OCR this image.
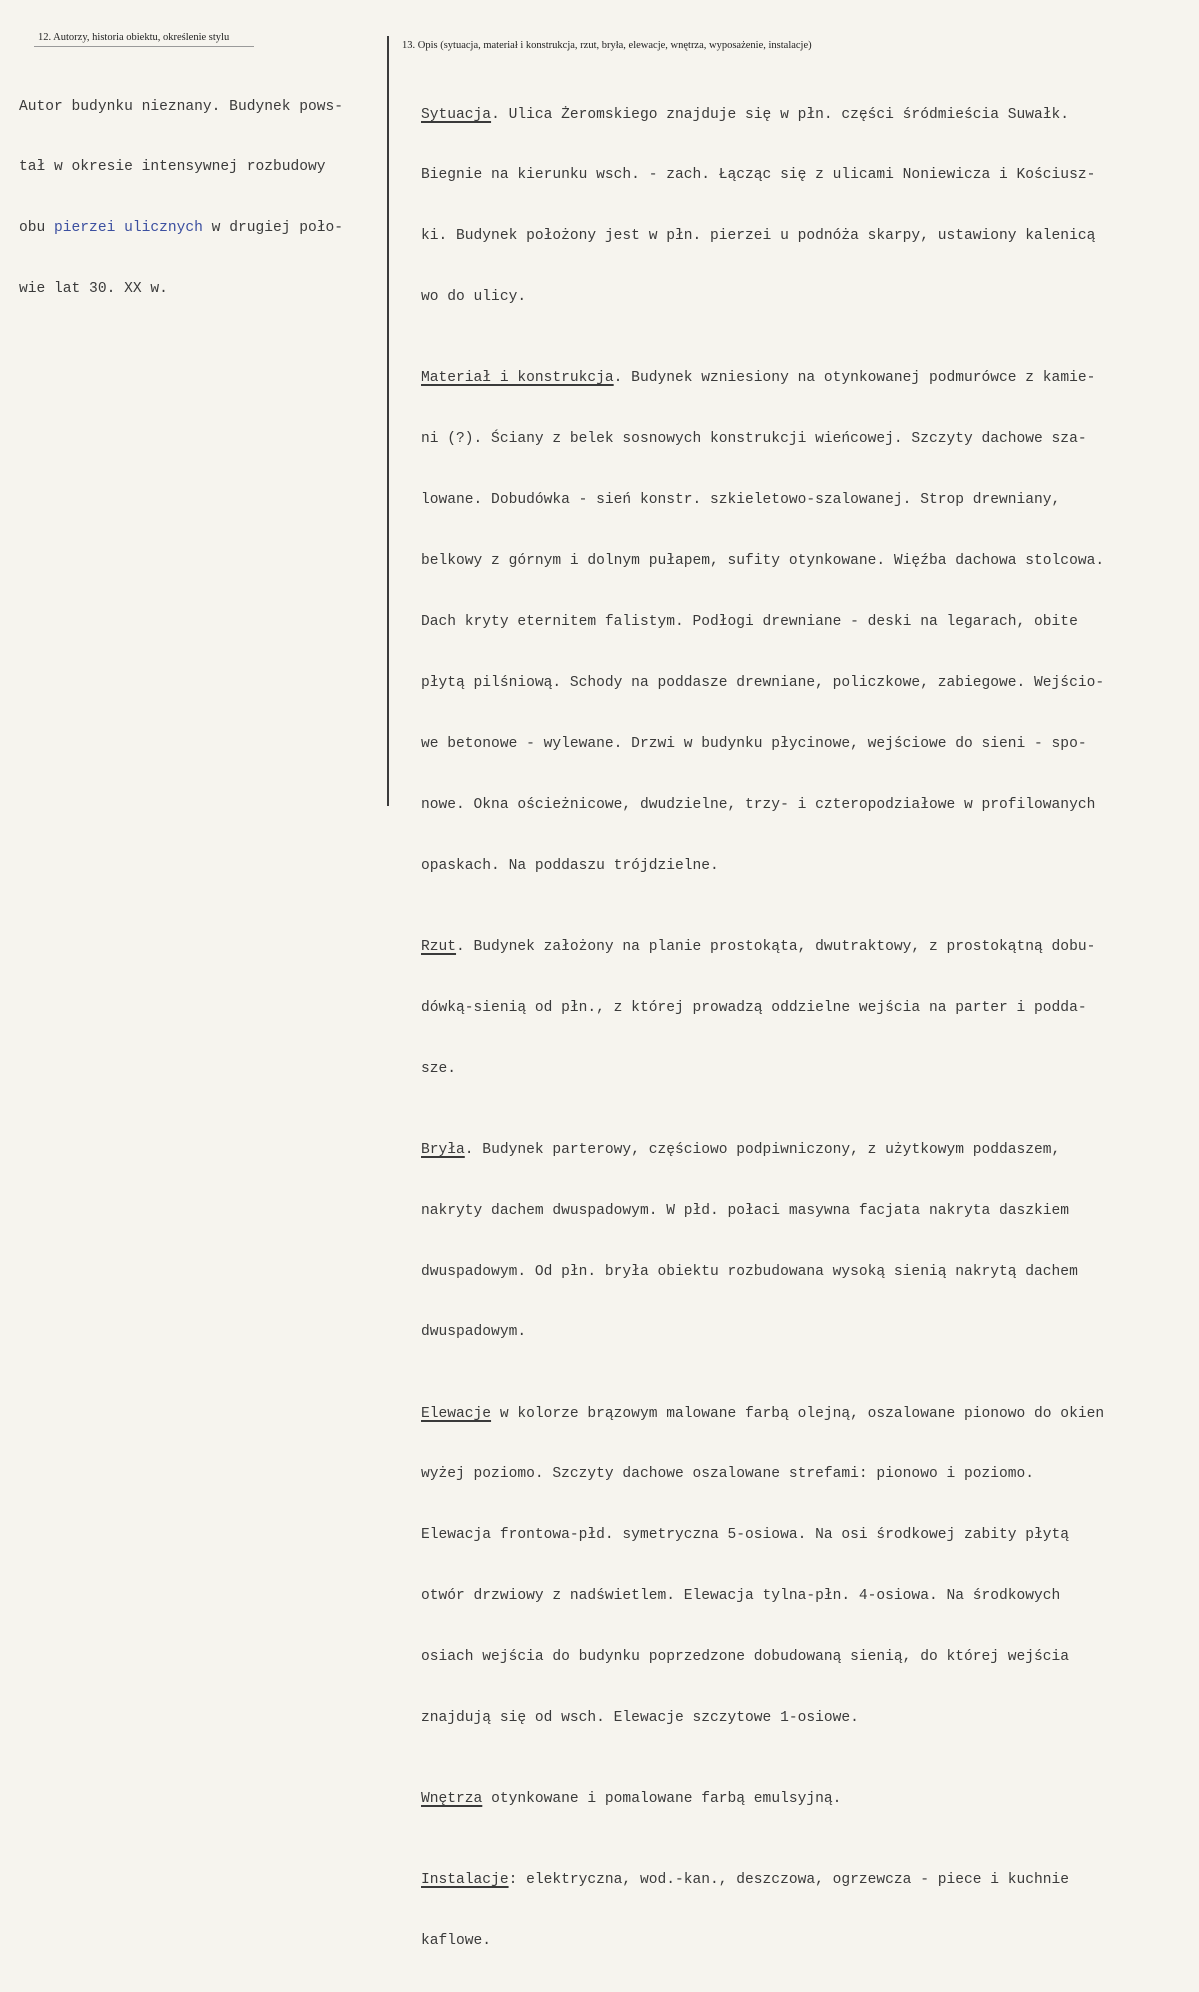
12. Autorzy, historia obiektu, określenie stylu
13. Opis (sytuacja, materiał i konstrukcja, rzut, bryła, elewacje, wnętrza, wyposażenie, instalacje)

Autor budynku nieznany. Budynek pows-

tał w okresie intensywnej rozbudowy

obu pierzei ulicznych w drugiej poło-

wie lat 30. XX w.

Sytuacja. Ulica Żeromskiego znajduje się w płn. części śródmieścia Suwałk.

Biegnie na kierunku wsch. - zach. Łącząc się z ulicami Noniewicza i Kościusz-

ki. Budynek położony jest w płn. pierzei u podnóża skarpy, ustawiony kalenicą

wo do ulicy.

Materiał i konstrukcja. Budynek wzniesiony na otynkowanej podmurówce z kamie-

ni (?). Ściany z belek sosnowych konstrukcji wieńcowej. Szczyty dachowe sza-

lowane. Dobudówka - sień konstr. szkieletowo-szalowanej. Strop drewniany,

belkowy z górnym i dolnym pułapem, sufity otynkowane. Więźba dachowa stolcowa.

Dach kryty eternitem falistym. Podłogi drewniane - deski na legarach, obite

płytą pilśniową. Schody na poddasze drewniane, policzkowe, zabiegowe. Wejścio-

we betonowe - wylewane. Drzwi w budynku płycinowe, wejściowe do sieni - spo-

nowe. Okna ościeżnicowe, dwudzielne, trzy- i czteropodziałowe w profilowanych

opaskach. Na poddaszu trójdzielne.

Rzut. Budynek założony na planie prostokąta, dwutraktowy, z prostokątną dobu-

dówką-sienią od płn., z której prowadzą oddzielne wejścia na parter i podda-

sze.

Bryła. Budynek parterowy, częściowo podpiwniczony, z użytkowym poddaszem,

nakryty dachem dwuspadowym. W płd. połaci masywna facjata nakryta daszkiem

dwuspadowym. Od płn. bryła obiektu rozbudowana wysoką sienią nakrytą dachem

dwuspadowym.

Elewacje w kolorze brązowym malowane farbą olejną, oszalowane pionowo do okien

wyżej poziomo. Szczyty dachowe oszalowane strefami: pionowo i poziomo.

Elewacja frontowa-płd. symetryczna 5-osiowa. Na osi środkowej zabity płytą

otwór drzwiowy z nadświetlem. Elewacja tylna-płn. 4-osiowa. Na środkowych

osiach wejścia do budynku poprzedzone dobudowaną sienią, do której wejścia

znajdują się od wsch. Elewacje szczytowe 1-osiowe.

Wnętrza otynkowane i pomalowane farbą emulsyjną.

Instalacje: elektryczna, wod.-kan., deszczowa, ogrzewcza - piece i kuchnie

kaflowe.
